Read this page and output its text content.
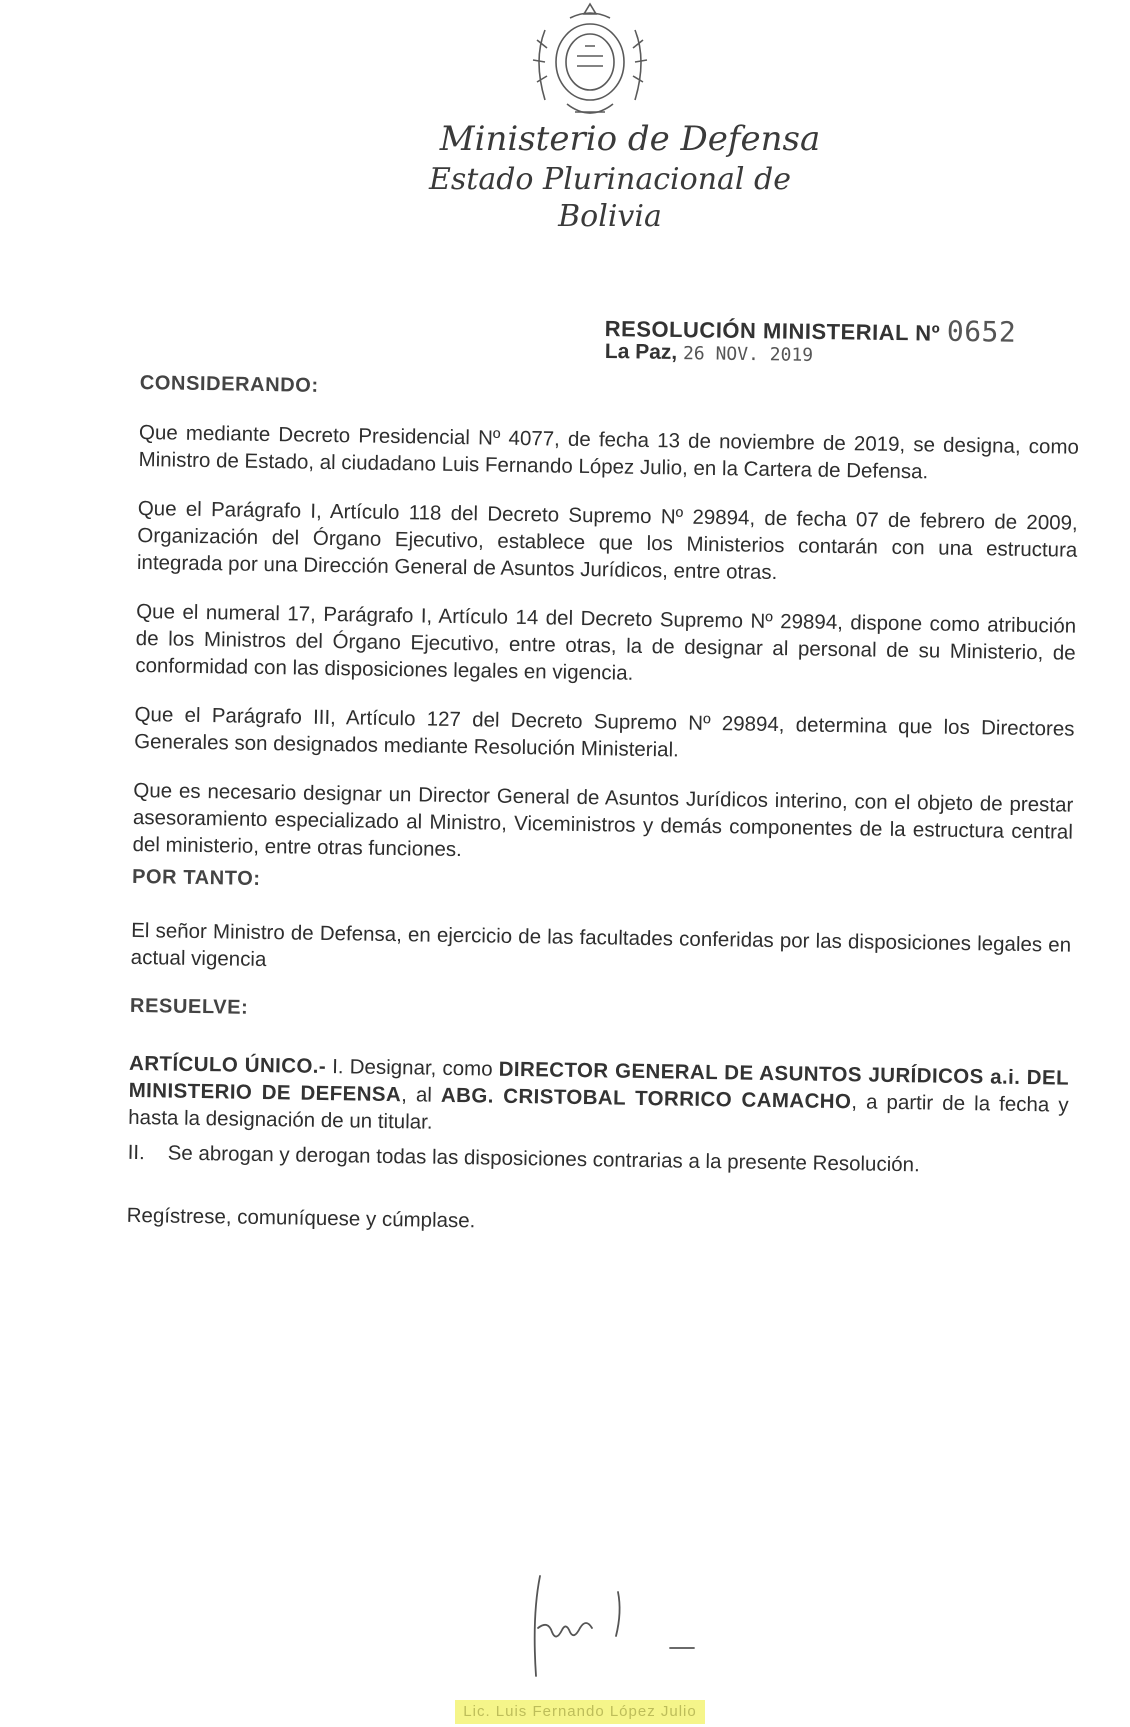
Ministerio de Defensa
Estado Plurinacional de Bolivia
RESOLUCIÓN MINISTERIAL Nº 0652
La Paz, 26 NOV. 2019
CONSIDERANDO:

Que mediante Decreto Presidencial Nº 4077, de fecha 13 de noviembre de 2019, se designa, como Ministro de Estado, al ciudadano Luis Fernando López Julio, en la Cartera de Defensa.

Que el Parágrafo I, Artículo 118 del Decreto Supremo Nº 29894, de fecha 07 de febrero de 2009, Organización del Órgano Ejecutivo, establece que los Ministerios contarán con una estructura integrada por una Dirección General de Asuntos Jurídicos, entre otras.

Que el numeral 17, Parágrafo I, Artículo 14 del Decreto Supremo Nº 29894, dispone como atribución de los Ministros del Órgano Ejecutivo, entre otras, la de designar al personal de su Ministerio, de conformidad con las disposiciones legales en vigencia.

Que el Parágrafo III, Artículo 127 del Decreto Supremo Nº 29894, determina que los Directores Generales son designados mediante Resolución Ministerial.

Que es necesario designar un Director General de Asuntos Jurídicos interino, con el objeto de prestar asesoramiento especializado al Ministro, Viceministros y demás componentes de la estructura central del ministerio, entre otras funciones.

POR TANTO:

El señor Ministro de Defensa, en ejercicio de las facultades conferidas por las disposiciones legales en actual vigencia

RESUELVE:

ARTÍCULO ÚNICO.- I. Designar, como DIRECTOR GENERAL DE ASUNTOS JURÍDICOS a.i. DEL MINISTERIO DE DEFENSA, al ABG. CRISTOBAL TORRICO CAMACHO, a partir de la fecha y hasta la designación de un titular.

II.	Se abrogan y derogan todas las disposiciones contrarias a la presente Resolución.

Regístrese, comuníquese y cúmplase.

Lic. Luis Fernando López Julio
